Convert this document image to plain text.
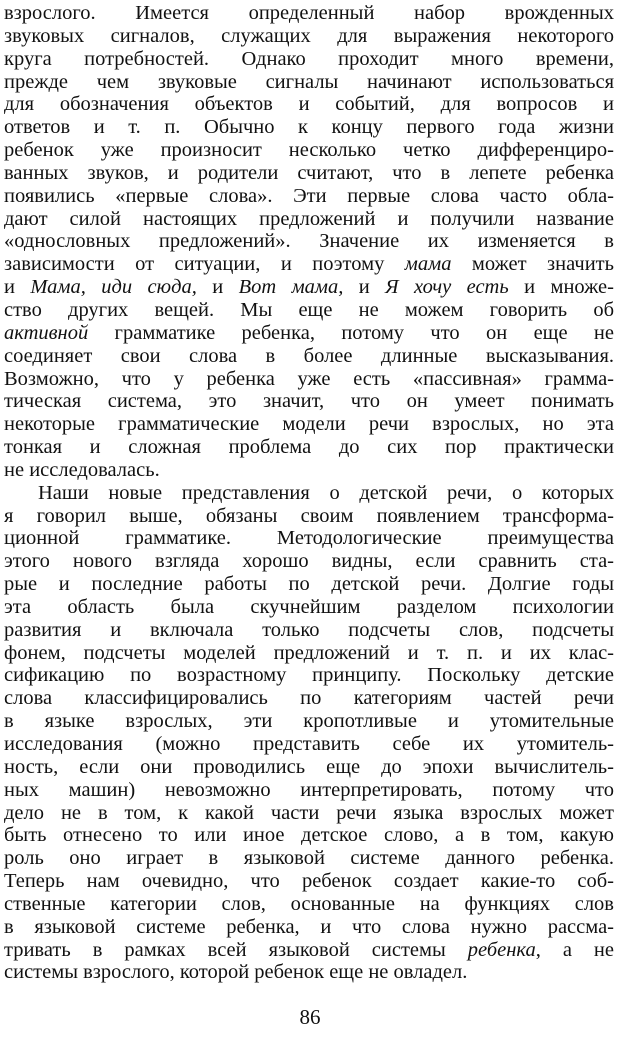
взрослого. Имеется определенный набор врожденных
звуковых сигналов, служащих для выражения некоторого
круга потребностей. Однако проходит много времени,
прежде чем звуковые сигналы начинают использоваться
для обозначения объектов и событий, для вопросов и
ответов и т. п. Обычно к концу первого года жизни
ребенок уже произносит несколько четко дифференциро-
ванных звуков, и родители считают, что в лепете ребенка
появились «первые слова». Эти первые слова часто обла-
дают силой настоящих предложений и получили название
«однословных предложений». Значение их изменяется в
зависимости от ситуации, и поэтому мама может значить
и Мама, иди сюда, и Вот мама, и Я хочу есть и множе-
ство других вещей. Мы еще не можем говорить об
активной грамматике ребенка, потому что он еще не
соединяет свои слова в более длинные высказывания.
Возможно, что у ребенка уже есть «пассивная» грамма-
тическая система, это значит, что он умеет понимать
некоторые грамматические модели речи взрослых, но эта
тонкая и сложная проблема до сих пор практически
не исследовалась.
Наши новые представления о детской речи, о которых
я говорил выше, обязаны своим появлением трансформа-
ционной грамматике. Методологические преимущества
этого нового взгляда хорошо видны, если сравнить ста-
рые и последние работы по детской речи. Долгие годы
эта область была скучнейшим разделом психологии
развития и включала только подсчеты слов, подсчеты
фонем, подсчеты моделей предложений и т. п. и их клас-
сификацию по возрастному принципу. Поскольку детские
слова классифицировались по категориям частей речи
в языке взрослых, эти кропотливые и утомительные
исследования (можно представить себе их утомитель-
ность, если они проводились еще до эпохи вычислитель-
ных машин) невозможно интерпретировать, потому что
дело не в том, к какой части речи языка взрослых может
быть отнесено то или иное детское слово, а в том, какую
роль оно играет в языковой системе данного ребенка.
Теперь нам очевидно, что ребенок создает какие-то соб-
ственные категории слов, основанные на функциях слов
в языковой системе ребенка, и что слова нужно рассма-
тривать в рамках всей языковой системы ребенка, а не
системы взрослого, которой ребенок еще не овладел.
86
